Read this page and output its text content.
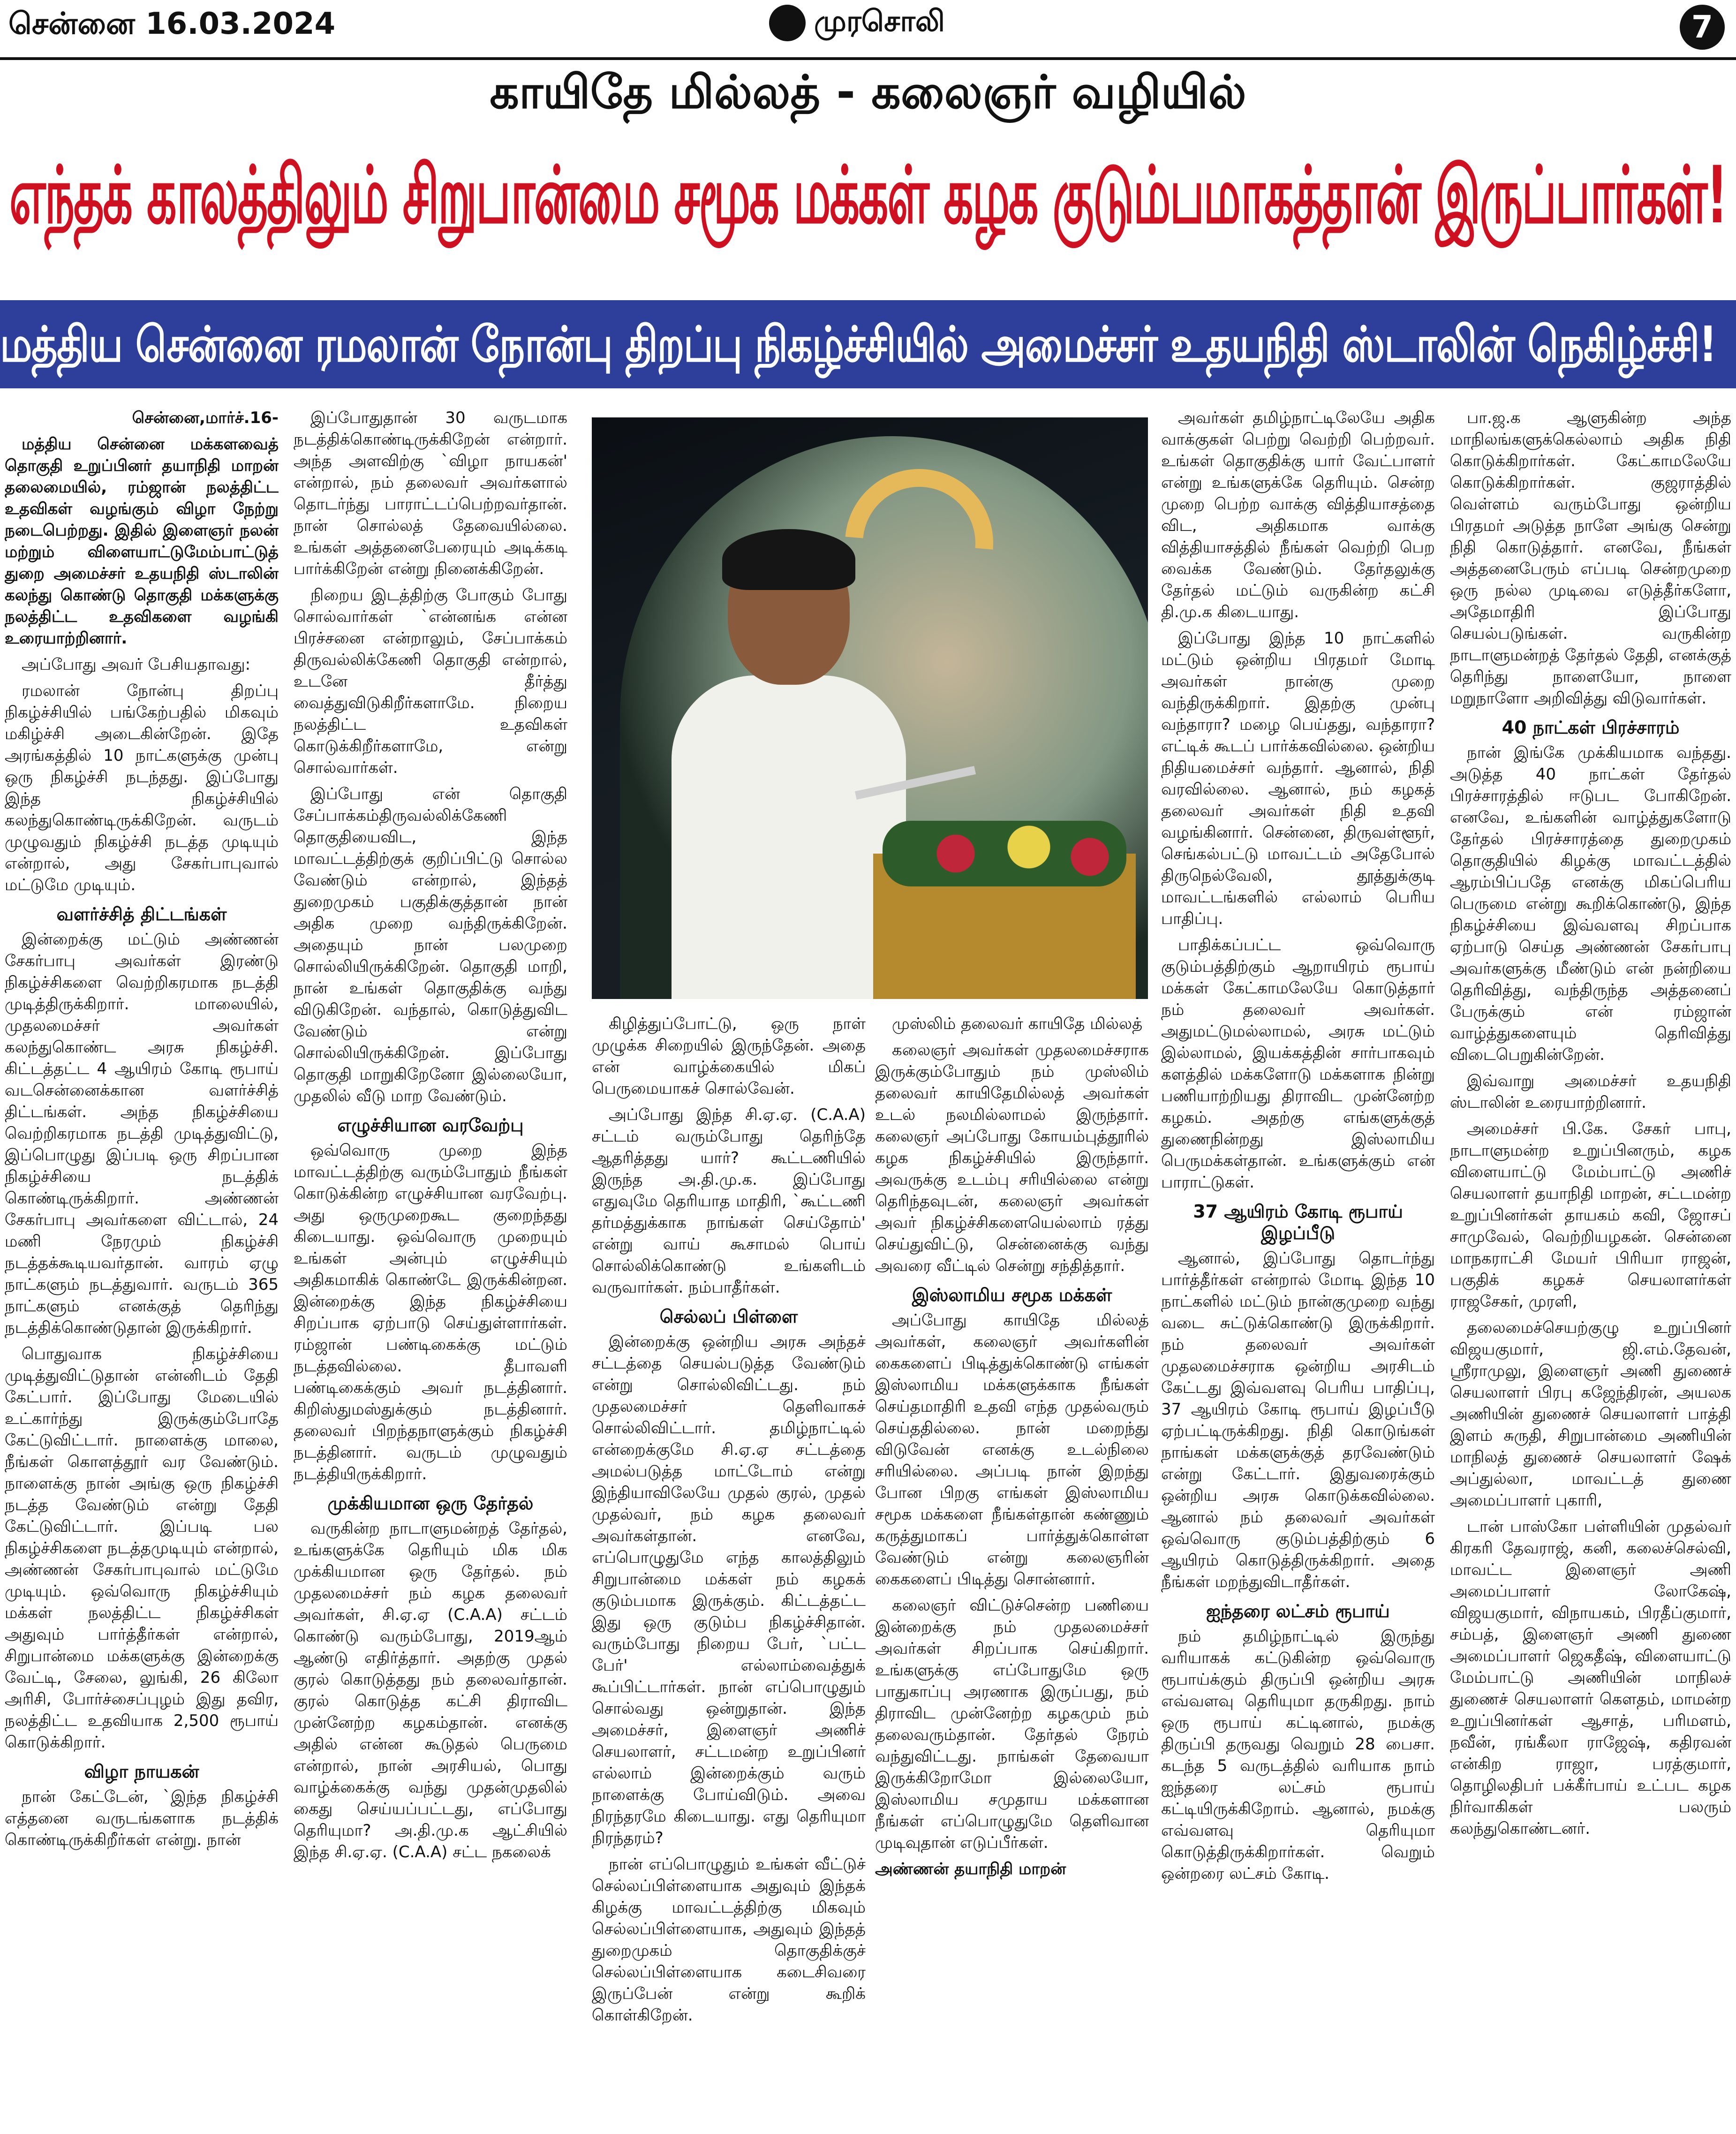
சென்னை 16.03.2024	முரசொலி	7
காயிதே மில்லத் - கலைஞர் வழியில்
எந்தக் காலத்திலும் சிறுபான்மை சமூக மக்கள் கழக குடும்பமாகத்தான் இருப்பார்கள்!
மத்திய சென்னை ரமலான் நோன்பு திறப்பு நிகழ்ச்சியில் அமைச்சர் உதயநிதி ஸ்டாலின் நெகிழ்ச்சி!

சென்னை,மார்ச்.16-

மத்திய சென்னை மக்களவைத் தொகுதி உறுப்பினர் தயாநிதி மாறன் தலைமையில், ரம்ஜான் நலத்திட்ட உதவிகள் வழங்கும் விழா நேற்று நடைபெற்றது. இதில் இளைஞர் நலன் மற்றும் விளையாட்டுமேம்பாட்டுத் துறை அமைச்சர் உதயநிதி ஸ்டாலின் கலந்து கொண்டு தொகுதி மக்களுக்கு நலத்திட்ட உதவிகளை வழங்கி உரையாற்றினார்.

அப்போது அவர் பேசியதாவது:

ரமலான் நோன்பு திறப்பு நிகழ்ச்சியில் பங்கேற்பதில் மிகவும் மகிழ்ச்சி அடைகின்றேன். இதே அரங்கத்தில் 10 நாட்களுக்கு முன்பு ஒரு நிகழ்ச்சி நடந்தது. இப்போது இந்த நிகழ்ச்சியில் கலந்துகொண்டிருக்கிறேன். வருடம் முழுவதும் நிகழ்ச்சி நடத்த முடியும் என்றால், அது சேகர்பாபுவால் மட்டுமே முடியும்.

வளர்ச்சித் திட்டங்கள்

இன்றைக்கு மட்டும் அண்ணன் சேகர்பாபு அவர்கள் இரண்டு நிகழ்ச்சிகளை வெற்றிகரமாக நடத்தி முடித்திருக்கிறார். மாலையில், முதலமைச்சர் அவர்கள் கலந்துகொண்ட அரசு நிகழ்ச்சி. கிட்டத்தட்ட 4 ஆயிரம் கோடி ரூபாய் வடசென்னைக்கான வளர்ச்சித் திட்டங்கள். அந்த நிகழ்ச்சியை வெற்றிகரமாக நடத்தி முடித்துவிட்டு, இப்பொழுது இப்படி ஒரு சிறப்பான நிகழ்ச்சியை நடத்திக் கொண்டிருக்கிறார். அண்ணன் சேகர்பாபு அவர்களை விட்டால், 24 மணி நேரமும் நிகழ்ச்சி நடத்தக்கூடியவர்தான். வாரம் ஏழு நாட்களும் நடத்துவார். வருடம் 365 நாட்களும் எனக்குத் தெரிந்து நடத்திக்கொண்டுதான் இருக்கிறார்.

பொதுவாக நிகழ்ச்சியை முடித்துவிட்டுதான் என்னிடம் தேதி கேட்பார். இப்போது மேடையில் உட்கார்ந்து இருக்கும்போதே கேட்டுவிட்டார். நாளைக்கு மாலை, நீங்கள் கொளத்தூர் வர வேண்டும். நாளைக்கு நான் அங்கு ஒரு நிகழ்ச்சி நடத்த வேண்டும் என்று தேதி கேட்டுவிட்டார். இப்படி பல நிகழ்ச்சிகளை நடத்தமுடியும் என்றால், அண்ணன் சேகர்பாபுவால் மட்டுமே முடியும். ஒவ்வொரு நிகழ்ச்சியும் மக்கள் நலத்திட்ட நிகழ்ச்சிகள் அதுவும் பார்த்தீர்கள் என்றால், சிறுபான்மை மக்களுக்கு இன்றைக்கு வேட்டி, சேலை, லுங்கி, 26 கிலோ அரிசி, போர்ச்சைப்புழம் இது தவிர, நலத்திட்ட உதவியாக 2,500 ரூபாய் கொடுக்கிறார்.

விழா நாயகன்

நான் கேட்டேன், `இந்த நிகழ்ச்சி எத்தனை வருடங்களாக நடத்திக் கொண்டிருக்கிறீர்கள் என்று. நான்

இப்போதுதான் 30 வருடமாக நடத்திக்கொண்டிருக்கிறேன் என்றார். அந்த அளவிற்கு `விழா நாயகன்' என்றால், நம் தலைவர் அவர்களால் தொடர்ந்து பாராட்டப்பெற்றவர்தான். நான் சொல்லத் தேவையில்லை. உங்கள் அத்தனைபேரையும் அடிக்கடி பார்க்கிறேன் என்று நினைக்கிறேன்.

நிறைய இடத்திற்கு போகும் போது சொல்வார்கள் `என்னங்க என்ன பிரச்சனை என்றாலும், சேப்பாக்கம் திருவல்லிக்கேணி தொகுதி என்றால், உடனே தீர்த்து வைத்துவிடுகிறீர்களாமே. நிறைய நலத்திட்ட உதவிகள் கொடுக்கிறீர்களாமே, என்று சொல்வார்கள்.

இப்போது என் தொகுதி சேப்பாக்கம்திருவல்லிக்கேணி தொகுதியைவிட, இந்த மாவட்டத்திற்குக் குறிப்பிட்டு சொல்ல வேண்டும் என்றால், இந்தத் துறைமுகம் பகுதிக்குத்தான் நான் அதிக முறை வந்திருக்கிறேன். அதையும் நான் பலமுறை சொல்லியிருக்கிறேன். தொகுதி மாறி, நான் உங்கள் தொகுதிக்கு வந்து விடுகிறேன். வந்தால், கொடுத்துவிட வேண்டும் என்று சொல்லியிருக்கிறேன். இப்போது தொகுதி மாறுகிறேனோ இல்லையோ, முதலில் வீடு மாற வேண்டும்.

எழுச்சியான வரவேற்பு

ஒவ்வொரு முறை இந்த மாவட்டத்திற்கு வரும்போதும் நீங்கள் கொடுக்கின்ற எழுச்சியான வரவேற்பு. அது ஒருமுறைகூட குறைந்தது கிடையாது. ஒவ்வொரு முறையும் உங்கள் அன்பும் எழுச்சியும் அதிகமாகிக் கொண்டே இருக்கின்றன. இன்றைக்கு இந்த நிகழ்ச்சியை சிறப்பாக ஏற்பாடு செய்துள்ளார்கள். ரம்ஜான் பண்டிகைக்கு மட்டும் நடத்தவில்லை. தீபாவளி பண்டிகைக்கும் அவர் நடத்தினார். கிறிஸ்துமஸ்துக்கும் நடத்தினார். தலைவர் பிறந்தநாளுக்கும் நிகழ்ச்சி நடத்தினார். வருடம் முழுவதும் நடத்தியிருக்கிறார்.

முக்கியமான ஒரு தேர்தல்

வருகின்ற நாடாளுமன்றத் தேர்தல், உங்களுக்கே தெரியும் மிக மிக முக்கியமான ஒரு தேர்தல். நம் முதலமைச்சர் நம் கழக தலைவர் அவர்கள், சி.ஏ.ஏ (C.A.A) சட்டம் கொண்டு வரும்போது, 2019ஆம் ஆண்டு எதிர்த்தார். அதற்கு முதல் குரல் கொடுத்தது நம் தலைவர்தான். குரல் கொடுத்த கட்சி திராவிட முன்னேற்ற கழகம்தான். எனக்கு அதில் என்ன கூடுதல் பெருமை என்றால், நான் அரசியல், பொது வாழ்க்கைக்கு வந்து முதன்முதலில் கைது செய்யப்பட்டது, எப்போது தெரியுமா? அ.தி.மு.க ஆட்சியில் இந்த சி.ஏ.ஏ. (C.A.A) சட்ட நகலைக்

கிழித்துப்போட்டு, ஒரு நாள் முழுக்க சிறையில் இருந்தேன். அதை என் வாழ்க்கையில் மிகப் பெருமையாகச் சொல்வேன்.

அப்போது இந்த சி.ஏ.ஏ. (C.A.A) சட்டம் வரும்போது தெரிந்தே ஆதரித்தது யார்? கூட்டணியில் இருந்த அ.தி.மு.க. இப்போது எதுவுமே தெரியாத மாதிரி, `கூட்டணி தர்மத்துக்காக நாங்கள் செய்தோம்' என்று வாய் கூசாமல் பொய் சொல்லிக்கொண்டு உங்களிடம் வருவார்கள். நம்பாதீர்கள்.

செல்லப் பிள்ளை

இன்றைக்கு ஒன்றிய அரசு அந்தச் சட்டத்தை செயல்படுத்த வேண்டும் என்று சொல்லிவிட்டது. நம் முதலமைச்சர் தெளிவாகச் சொல்லிவிட்டார். தமிழ்நாட்டில் என்றைக்குமே சி.ஏ.ஏ சட்டத்தை அமல்படுத்த மாட்டோம் என்று இந்தியாவிலேயே முதல் குரல், முதல் முதல்வர், நம் கழக தலைவர் அவர்கள்தான். எனவே, எப்பொழுதுமே எந்த காலத்திலும் சிறுபான்மை மக்கள் நம் கழகக் குடும்பமாக இருக்கும். கிட்டத்தட்ட இது ஒரு குடும்ப நிகழ்ச்சிதான். வரும்போது நிறைய பேர், `பட்ட பேர்' எல்லாம்வைத்துக் கூப்பிட்டார்கள். நான் எப்பொழுதும் சொல்வது ஒன்றுதான். இந்த அமைச்சர், இளைஞர் அணிச் செயலாளர், சட்டமன்ற உறுப்பினர் எல்லாம் இன்றைக்கும் வரும் நாளைக்கு போய்விடும். அவை நிரந்தரமே கிடையாது. எது தெரியுமா நிரந்தரம்?

நான் எப்பொழுதும் உங்கள் வீட்டுச் செல்லப்பிள்ளையாக அதுவும் இந்தக் கிழக்கு மாவட்டத்திற்கு மிகவும் செல்லப்பிள்ளையாக, அதுவும் இந்தத் துறைமுகம் தொகுதிக்குச் செல்லப்பிள்ளையாக கடைசிவரை இருப்பேன் என்று கூறிக் கொள்கிறேன்.

முஸ்லிம் தலைவர் காயிதே மில்லத்

கலைஞர் அவர்கள் முதலமைச்சராக இருக்கும்போதும் நம் முஸ்லிம் தலைவர் காயிதேமில்லத் அவர்கள் உடல் நலமில்லாமல் இருந்தார். கலைஞர் அப்போது கோயம்புத்தூரில் கழக நிகழ்ச்சியில் இருந்தார். அவருக்கு உடம்பு சரியில்லை என்று தெரிந்தவுடன், கலைஞர் அவர்கள் அவர் நிகழ்ச்சிகளையெல்லாம் ரத்து செய்துவிட்டு, சென்னைக்கு வந்து அவரை வீட்டில் சென்று சந்தித்தார்.

இஸ்லாமிய சமூக மக்கள்

அப்போது காயிதே மில்லத் அவர்கள், கலைஞர் அவர்களின் கைகளைப் பிடித்துக்கொண்டு எங்கள் இஸ்லாமிய மக்களுக்காக நீங்கள் செய்தமாதிரி உதவி எந்த முதல்வரும் செய்ததில்லை. நான் மறைந்து விடுவேன் எனக்கு உடல்நிலை சரியில்லை. அப்படி நான் இறந்து போன பிறகு எங்கள் இஸ்லாமிய சமூக மக்களை நீங்கள்தான் கண்ணும் கருத்துமாகப் பார்த்துக்கொள்ள வேண்டும் என்று கலைஞரின் கைகளைப் பிடித்து சொன்னார்.

கலைஞர் விட்டுச்சென்ற பணியை இன்றைக்கு நம் முதலமைச்சர் அவர்கள் சிறப்பாக செய்கிறார். உங்களுக்கு எப்போதுமே ஒரு பாதுகாப்பு அரணாக இருப்பது, நம் திராவிட முன்னேற்ற கழகமும் நம் தலைவரும்தான். தேர்தல் நேரம் வந்துவிட்டது. நாங்கள் தேவையா இருக்கிறோமோ இல்லையோ, இஸ்லாமிய சமுதாய மக்களான நீங்கள் எப்பொழுதுமே தெளிவான முடிவுதான் எடுப்பீர்கள்.

அண்ணன் தயாநிதி மாறன்

அவர்கள் தமிழ்நாட்டிலேயே அதிக வாக்குகள் பெற்று வெற்றி பெற்றவர். உங்கள் தொகுதிக்கு யார் வேட்பாளர் என்று உங்களுக்கே தெரியும். சென்ற முறை பெற்ற வாக்கு வித்தியாசத்தை விட, அதிகமாக வாக்கு வித்தியாசத்தில் நீங்கள் வெற்றி பெற வைக்க வேண்டும். தேர்தலுக்கு தேர்தல் மட்டும் வருகின்ற கட்சி தி.மு.க கிடையாது.

இப்போது இந்த 10 நாட்களில் மட்டும் ஒன்றிய பிரதமர் மோடி அவர்கள் நான்கு முறை வந்திருக்கிறார். இதற்கு முன்பு வந்தாரா? மழை பெய்தது, வந்தாரா? எட்டிக் கூடப் பார்க்கவில்லை. ஒன்றிய நிதியமைச்சர் வந்தார். ஆனால், நிதி வரவில்லை. ஆனால், நம் கழகத் தலைவர் அவர்கள் நிதி உதவி வழங்கினார். சென்னை, திருவள்ளூர், செங்கல்பட்டு மாவட்டம் அதேபோல் திருநெல்வேலி, தூத்துக்குடி மாவட்டங்களில் எல்லாம் பெரிய பாதிப்பு.

பாதிக்கப்பட்ட ஒவ்வொரு குடும்பத்திற்கும் ஆறாயிரம் ரூபாய் மக்கள் கேட்காமலேயே கொடுத்தார் நம் தலைவர் அவர்கள். அதுமட்டுமல்லாமல், அரசு மட்டும் இல்லாமல், இயக்கத்தின் சார்பாகவும் களத்தில் மக்களோடு மக்களாக நின்று பணியாற்றியது திராவிட முன்னேற்ற கழகம். அதற்கு எங்களுக்குத் துணைநின்றது இஸ்லாமிய பெருமக்கள்தான். உங்களுக்கும் என் பாராட்டுகள்.

37 ஆயிரம் கோடி ரூபாய் இழப்பீடு

ஆனால், இப்போது தொடர்ந்து பார்த்தீர்கள் என்றால் மோடி இந்த 10 நாட்களில் மட்டும் நான்குமுறை வந்து வடை சுட்டுக்கொண்டு இருக்கிறார். நம் தலைவர் அவர்கள் முதலமைச்சராக ஒன்றிய அரசிடம் கேட்டது இவ்வளவு பெரிய பாதிப்பு, 37 ஆயிரம் கோடி ரூபாய் இழப்பீடு ஏற்பட்டிருக்கிறது. நிதி கொடுங்கள் நாங்கள் மக்களுக்குத் தரவேண்டும் என்று கேட்டார். இதுவரைக்கும் ஒன்றிய அரசு கொடுக்கவில்லை. ஆனால் நம் தலைவர் அவர்கள் ஒவ்வொரு குடும்பத்திற்கும் 6 ஆயிரம் கொடுத்திருக்கிறார். அதை நீங்கள் மறந்துவிடாதீர்கள்.

ஐந்தரை லட்சம் ரூபாய்

நம் தமிழ்நாட்டில் இருந்து வரியாகக் கட்டுகின்ற ஒவ்வொரு ரூபாய்க்கும் திருப்பி ஒன்றிய அரசு எவ்வளவு தெரியுமா தருகிறது. நாம் ஒரு ரூபாய் கட்டினால், நமக்கு திருப்பி தருவது வெறும் 28 பைசா. கடந்த 5 வருடத்தில் வரியாக நாம் ஐந்தரை லட்சம் ரூபாய் கட்டியிருக்கிறோம். ஆனால், நமக்கு எவ்வளவு தெரியுமா கொடுத்திருக்கிறார்கள். வெறும் ஒன்றரை லட்சம் கோடி.

பா.ஜ.க ஆளுகின்ற அந்த மாநிலங்களுக்கெல்லாம் அதிக நிதி கொடுக்கிறார்கள். கேட்காமலேயே கொடுக்கிறார்கள். குஜராத்தில் வெள்ளம் வரும்போது ஒன்றிய பிரதமர் அடுத்த நாளே அங்கு சென்று நிதி கொடுத்தார். எனவே, நீங்கள் அத்தனைபேரும் எப்படி சென்றமுறை ஒரு நல்ல முடிவை எடுத்தீர்களோ, அதேமாதிரி இப்போது செயல்படுங்கள். வருகின்ற நாடாளுமன்றத் தேர்தல் தேதி, எனக்குத் தெரிந்து நாளையோ, நாளை மறுநாளோ அறிவித்து விடுவார்கள்.

40 நாட்கள் பிரச்சாரம்

நான் இங்கே முக்கியமாக வந்தது. அடுத்த 40 நாட்கள் தேர்தல் பிரச்சாரத்தில் ஈடுபட போகிறேன். எனவே, உங்களின் வாழ்த்துகளோடு தேர்தல் பிரச்சாரத்தை துறைமுகம் தொகுதியில் கிழக்கு மாவட்டத்தில் ஆரம்பிப்பதே எனக்கு மிகப்பெரிய பெருமை என்று கூறிக்கொண்டு, இந்த நிகழ்ச்சியை இவ்வளவு சிறப்பாக ஏற்பாடு செய்த அண்ணன் சேகர்பாபு அவர்களுக்கு மீண்டும் என் நன்றியை தெரிவித்து, வந்திருந்த அத்தனைப் பேருக்கும் என் ரம்ஜான் வாழ்த்துகளையும் தெரிவித்து விடைபெறுகின்றேன்.

இவ்வாறு அமைச்சர் உதயநிதி ஸ்டாலின் உரையாற்றினார்.

அமைச்சர் பி.கே. சேகர் பாபு, நாடாளுமன்ற உறுப்பினரும், கழக விளையாட்டு மேம்பாட்டு அணிச் செயலாளர் தயாநிதி மாறன், சட்டமன்ற உறுப்பினர்கள் தாயகம் கவி, ஜோசப் சாமுவேல், வெற்றியழகன். சென்னை மாநகராட்சி மேயர் பிரியா ராஜன், பகுதிக் கழகச் செயலாளர்கள் ராஜசேகர், முரளி,

தலைமைச்செயற்குழு உறுப்பினர் விஜயகுமார், ஜி.எம்.தேவன், ஸ்ரீராமுலு, இளைஞர் அணி துணைச் செயலாளர் பிரபு கஜேந்திரன், அயலக அணியின் துணைச் செயலாளர் பாத்தி இளம் சுருதி, சிறுபான்மை அணியின் மாநிலத் துணைச் செயலாளர் ஷேக் அப்துல்லா, மாவட்டத் துணை அமைப்பாளர் புகாரி,

டான் பாஸ்கோ பள்ளியின் முதல்வர் கிரகரி தேவராஜ், கனி, கலைச்செல்வி, மாவட்ட இளைஞர் அணி அமைப்பாளர் லோகேஷ், விஜயகுமார், விநாயகம், பிரதீப்குமார், சம்பத், இளைஞர் அணி துணை அமைப்பாளர் ஜெகதீஷ், விளையாட்டு மேம்பாட்டு அணியின் மாநிலச் துணைச் செயலாளர் கௌதம், மாமன்ற உறுப்பினர்கள் ஆசாத், பரிமளம், நவீன், ரங்கீலா ராஜேஷ், கதிரவன் என்கிற ராஜா, பரத்குமார், தொழிலதிபர் பக்கீர்பாய் உட்பட கழக நிர்வாகிகள் பலரும் கலந்துகொண்டனர்.
